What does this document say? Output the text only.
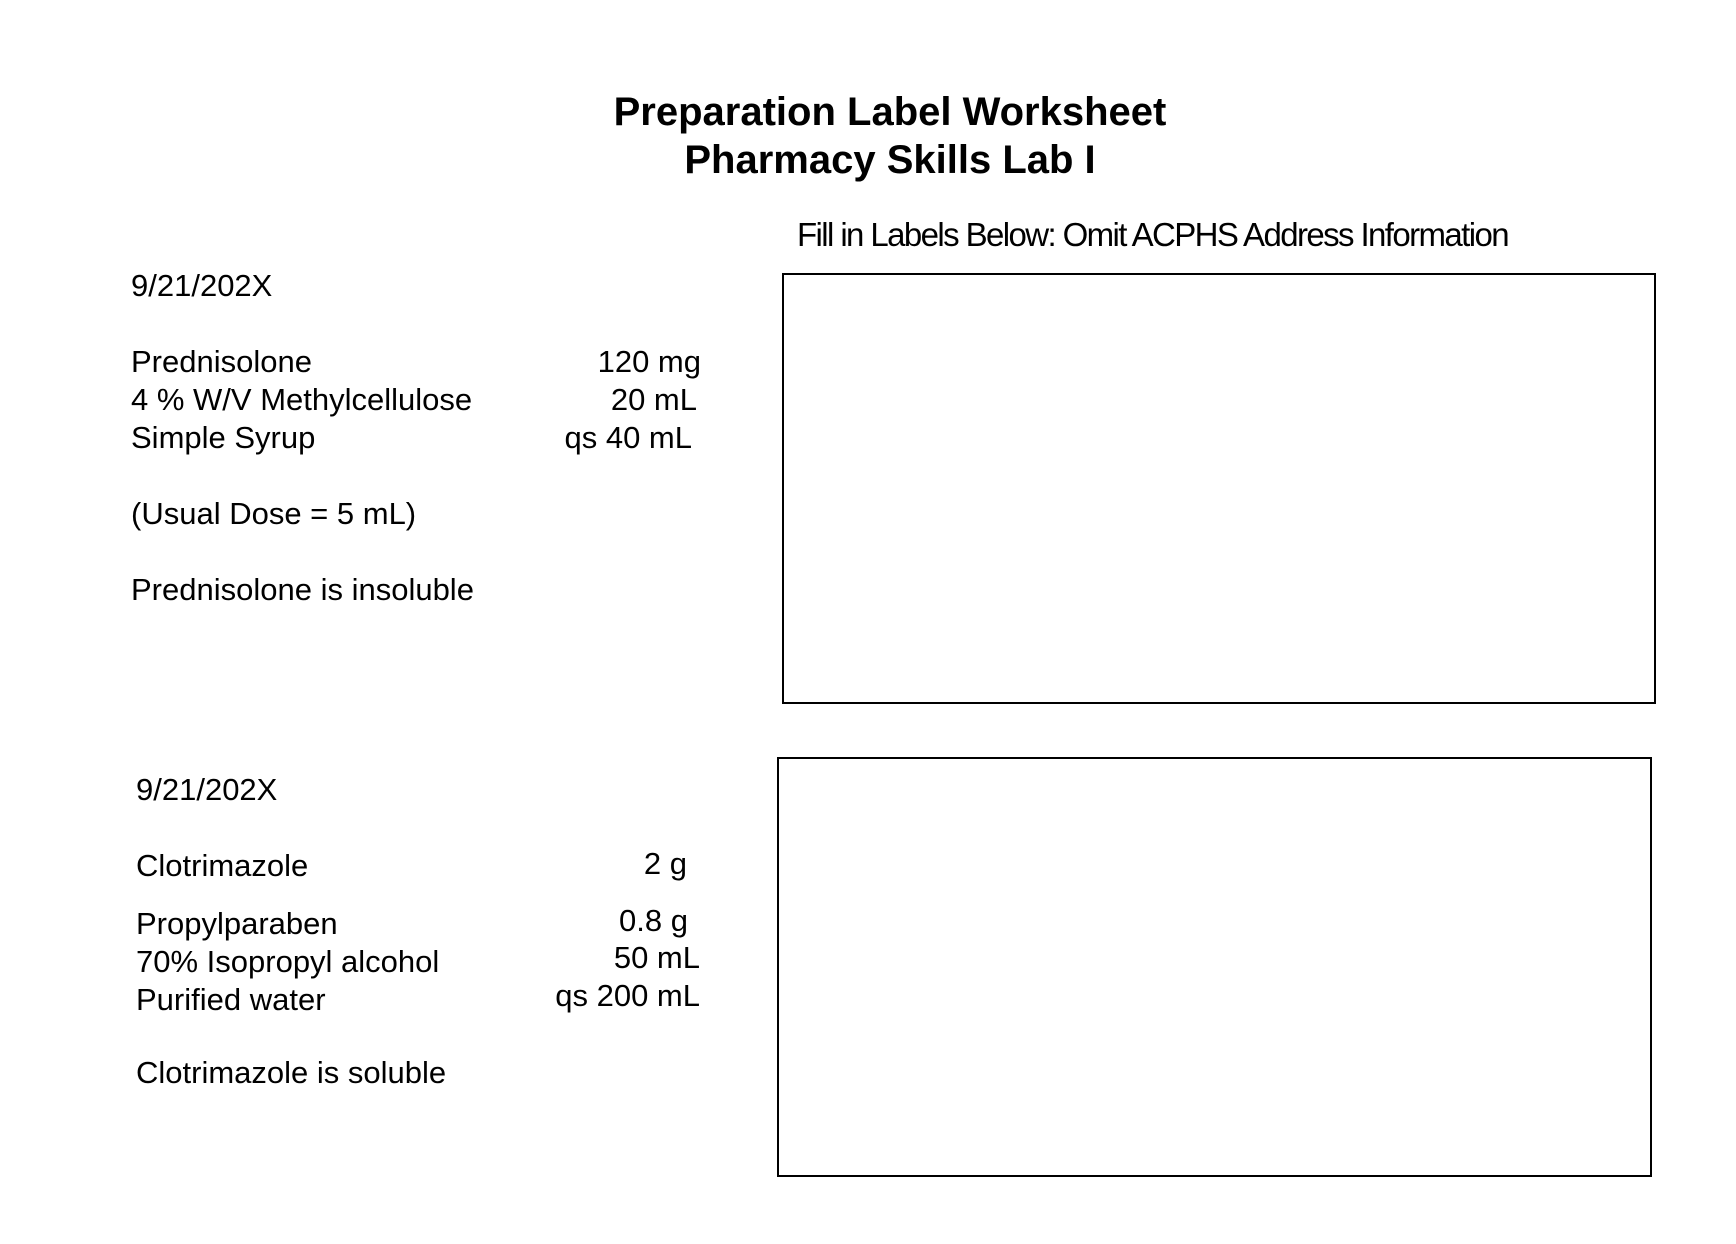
Preparation Label Worksheet
Pharmacy Skills Lab I
Fill in Labels Below: Omit ACPHS Address Information
9/21/202X
Prednisolone	120 mg
4 % W/V Methylcellulose	20 mL
Simple Syrup	qs 40 mL
(Usual Dose = 5 mL)
Prednisolone is insoluble
9/21/202X
Clotrimazole	2 g
Propylparaben	0.8 g
70% Isopropyl alcohol	50 mL
Purified water	qs 200 mL
Clotrimazole is soluble
